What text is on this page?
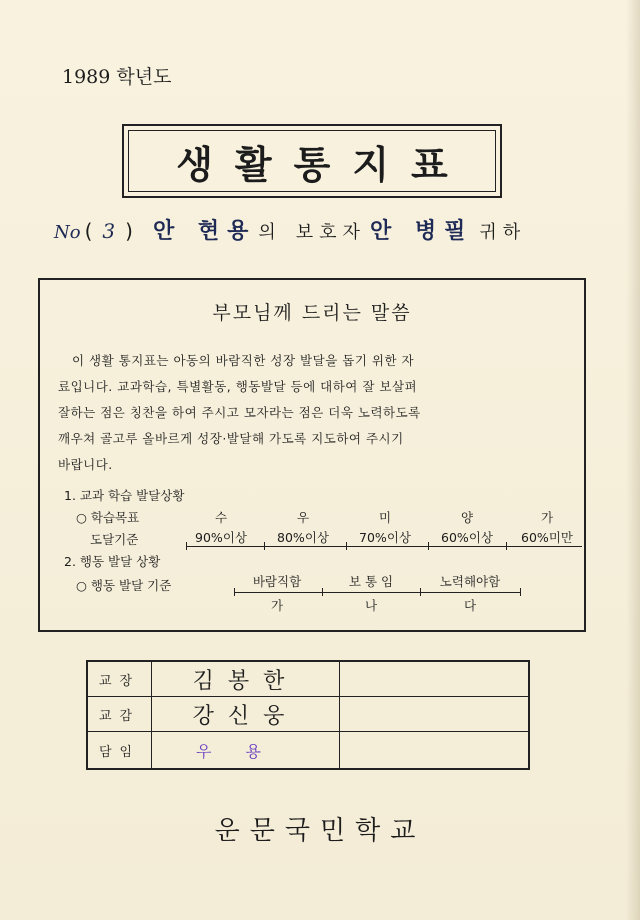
1989 학년도
생활통지표
No ( 3 ) 안 현용 의 보호자 안 병필 귀하
부모님께 드리는 말씀
이 생활 통지표는 아동의 바람직한 성장 발달을 돕기 위한 자
료입니다. 교과학습, 특별활동, 행동발달 등에 대하여 잘 보살펴
잘하는 점은 칭찬을 하여 주시고 모자라는 점은 더욱 노력하도록
깨우쳐 골고루 올바르게 성장·발달해 가도록 지도하여 주시기
바랍니다.
1. 교과 학습 발달상황
○ 학습목표
도달기준
수	우	미	양	가
90%이상	80%이상	70%이상	60%이상	60%미만
2. 행동 발달 상황
○ 행동 발달 기준	바람직함	보 통 임	노력해야함
가	나	다
교장	김봉한
교감	강신웅
담임	우용
운문국민학교
